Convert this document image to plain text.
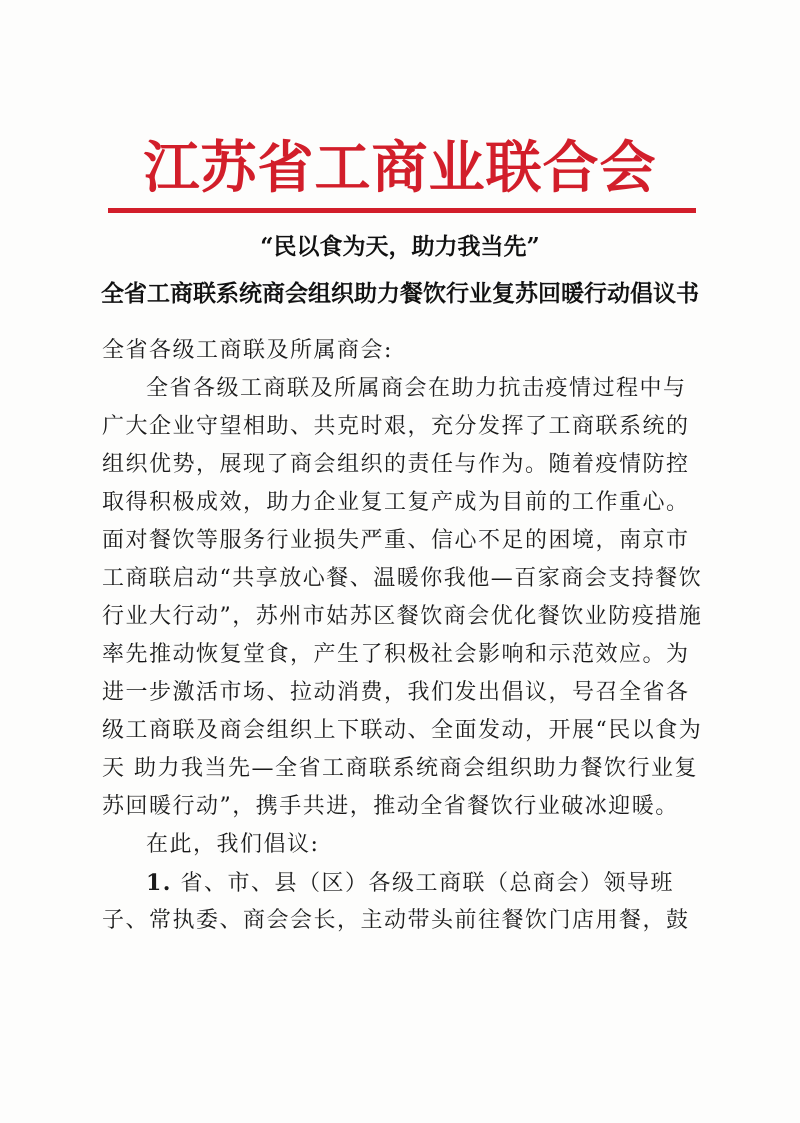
江苏省工商业联合会
“民以食为天，助力我当先”
全省工商联系统商会组织助力餐饮行业复苏回暖行动倡议书
全省各级工商联及所属商会:
全省各级工商联及所属商会在助力抗击疫情过程中与
广大企业守望相助、共克时艰，充分发挥了工商联系统的
组织优势，展现了商会组织的责任与作为。随着疫情防控
取得积极成效，助力企业复工复产成为目前的工作重心。
面对餐饮等服务行业损失严重、信心不足的困境，南京市
工商联启动“共享放心餐、温暖你我他—百家商会支持餐饮
行业大行动”，苏州市姑苏区餐饮商会优化餐饮业防疫措施
率先推动恢复堂食，产生了积极社会影响和示范效应。为
进一步激活市场、拉动消费，我们发出倡议，号召全省各
级工商联及商会组织上下联动、全面发动，开展“民以食为
天 助力我当先—全省工商联系统商会组织助力餐饮行业复
苏回暖行动”，携手共进，推动全省餐饮行业破冰迎暖。
在此，我们倡议:
1. 省、市、县（区）各级工商联（总商会）领导班
子、常执委、商会会长，主动带头前往餐饮门店用餐，鼓
